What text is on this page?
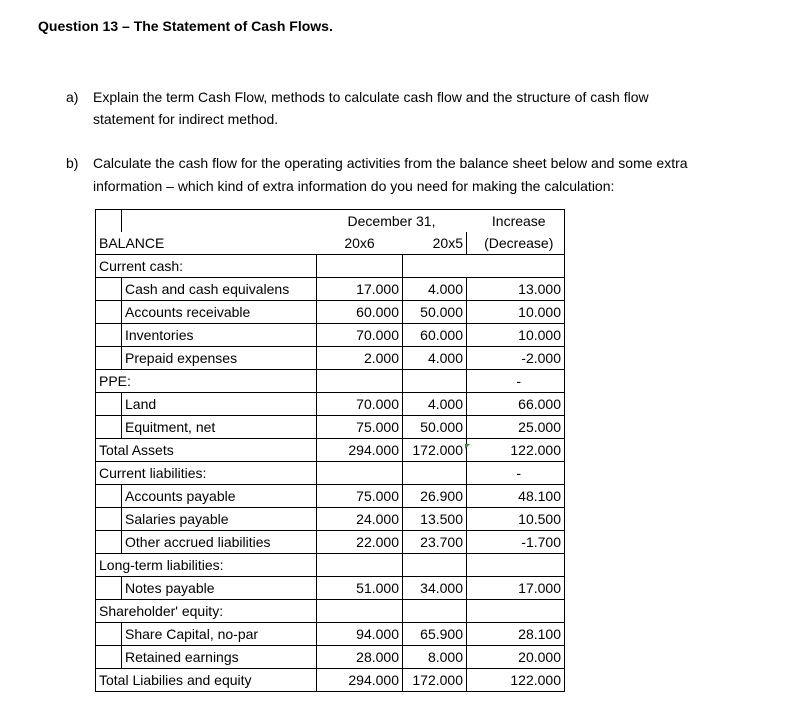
Question 13 – The Statement of Cash Flows.
a) Explain the term Cash Flow, methods to calculate cash flow and the structure of cash flow
statement for indirect method.
b) Calculate the cash flow for the operating activities from the balance sheet below and some extra
information – which kind of extra information do you need for making the calculation:
		December 31,			Increase
BALANCE		20x6	20x5		(Decrease)
Current cash:					
	Cash and cash equivalens	17.000	4.000		13.000
	Accounts receivable	60.000	50.000		10.000
	Inventories	70.000	60.000		10.000
	Prepaid expenses	2.000	4.000		-2.000
PPE:					-
	Land	70.000	4.000		66.000
	Equitment, net	75.000	50.000		25.000
Total Assets		294.000	172.000		122.000
Current liabilities:					-
	Accounts payable	75.000	26.900		48.100
	Salaries payable	24.000	13.500		10.500
	Other accrued liabilities	22.000	23.700		-1.700
Long-term liabilities:					
	Notes payable	51.000	34.000		17.000
Shareholder' equity:					
	Share Capital, no-par	94.000	65.900		28.100
	Retained earnings	28.000	8.000		20.000
Total Liabilies and equity		294.000	172.000		122.000
